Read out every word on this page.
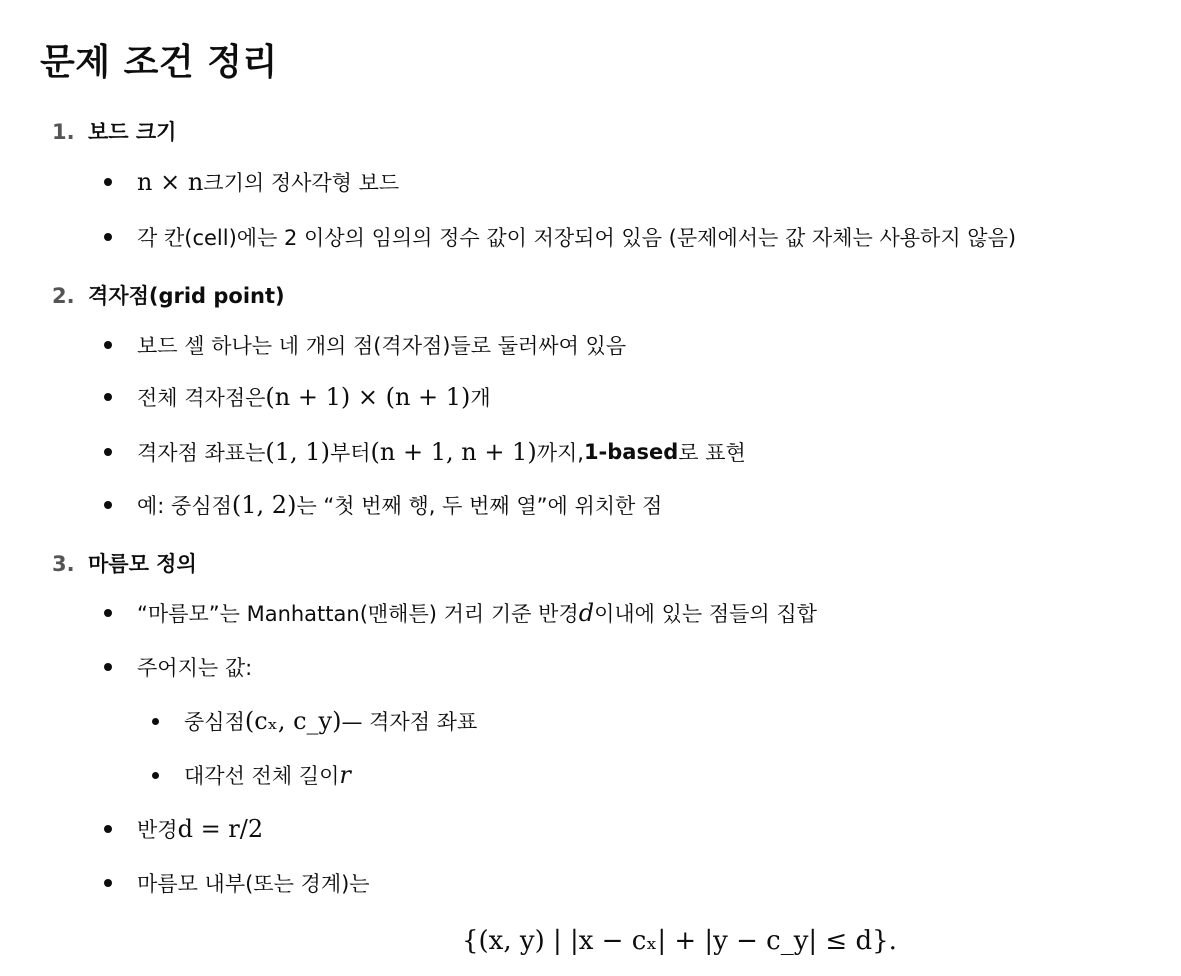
문제 조건 정리
1. 보드 크기
n × n 크기의 정사각형 보드
각 칸(cell)에는 2 이상의 임의의 정수 값이 저장되어 있음 (문제에서는 값 자체는 사용하지 않음)
2. 격자점(grid point)
보드 셀 하나는 네 개의 점(격자점)들로 둘러싸여 있음
전체 격자점은 (n + 1) × (n + 1) 개
격자점 좌표는 (1, 1) 부터 (n + 1, n + 1) 까지, 1-based 로 표현
예: 중심점 (1, 2) 는 “첫 번째 행, 두 번째 열”에 위치한 점
3. 마름모 정의
“마름모”는 Manhattan(맨해튼) 거리 기준 반경 d 이내에 있는 점들의 집합
주어지는 값:
중심점 (cₓ, c_y) — 격자점 좌표
대각선 전체 길이 r
반경 d = r/2
마름모 내부(또는 경계)는
{(x, y) | |x − cₓ| + |y − c_y| ≤ d}.
